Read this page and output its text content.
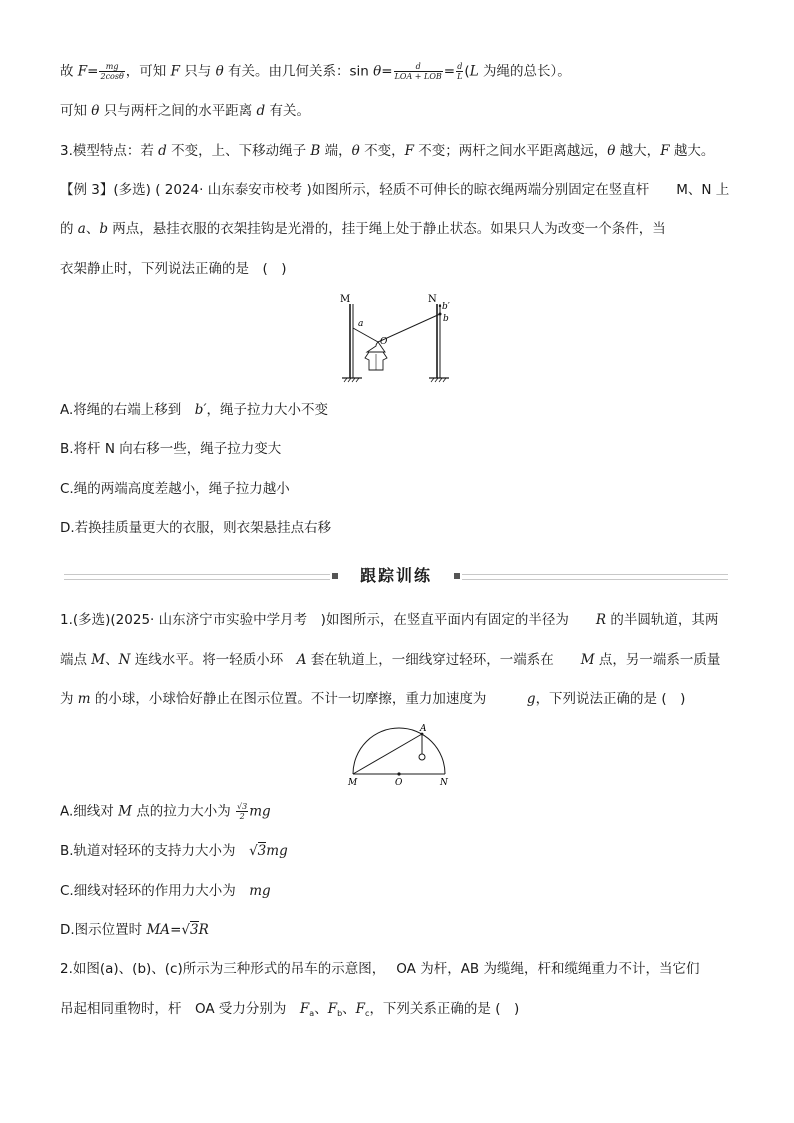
故 $F= \frac{mg}{2\cos\theta}$ ，可知 F 只与 θ 有关。由几何关系：$\sin \theta= \frac{d}{\text{LOA + LOB}} = \frac{d}{L} (L$ 为绳的总长）。
可知 θ 只与两杆之间的水平距离 d 有关。
3.模型特点：若 d 不变，上、下移动绳子 B 端，θ 不变，F 不变；两杆之间水平距离越远，θ 越大，F 越大。
【例 3】(多选) ( 2024· 山东泰安市校考 )如图所示，轻质不可伸长的晾衣绳两端分别固定在竖直杆　　M、N 上
的 a、b 两点，悬挂衣服的衣架挂钩是光滑的，挂于绳上处于静止状态。如果只人为改变一个条件，当
衣架静止时，下列说法正确的是　(　)
M	N
a	b
b′
O
A.将绳的右端上移到　b′，绳子拉力大小不变
B.将杆 N 向右移一些，绳子拉力变大
C.绳的两端高度差越小，绳子拉力越小
D.若换挂质量更大的衣服，则衣架悬挂点右移
跟踪训练
1.(多选)(2025· 山东济宁市实验中学月考　)如图所示，在竖直平面内有固定的半径为　　R 的半圆轨道，其两
端点 M、N 连线水平。将一轻质小环　A 套在轨道上，一细线穿过轻环，一端系在　　M 点，另一端系一质量
为 m 的小球，小球恰好静止在图示位置。不计一切摩擦，重力加速度为　　　g，下列说法正确的是 (　)
A
M	O	N
A.细线对 M 点的拉力大小为 $\frac{√3}{2}$ mg
B.轨道对轻环的支持力大小为　√3mg
C.细线对轻环的作用力大小为　mg
D.图示位置时 MA=√3R
2.如图(a)、(b)、(c)所示为三种形式的吊车的示意图，　 OA 为杆，AB 为缆绳，杆和缆绳重力不计，当它们
吊起相同重物时，杆　OA 受力分别为　$F_a$、$F_b$、$F_c$，下列关系正确的是 (　)
